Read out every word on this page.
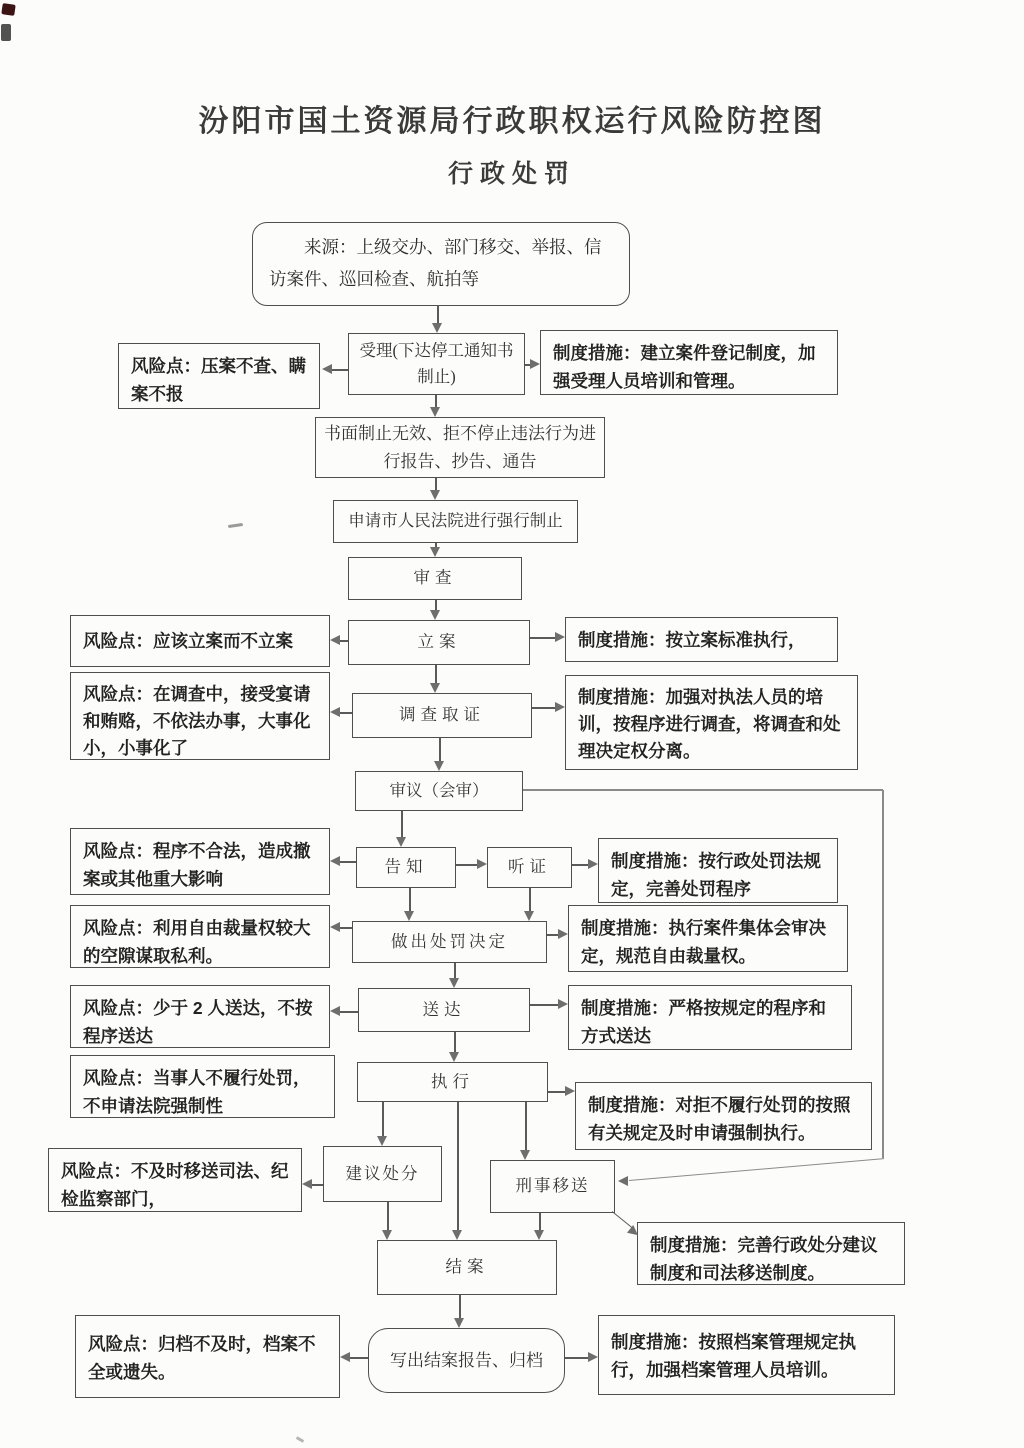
汾阳市国土资源局行政职权运行风险防控图
行政处罚
来源：上级交办、部门移交、举报、信访案件、巡回检查、航拍等
受理(下达停工通知书制止)
书面制止无效、拒不停止违法行为进行报告、抄告、通告
申请市人民法院进行强行制止
审查
立案
调查取证
审议（会审）
告知	听证
做出处罚决定
送达
执行
建议处分
刑事移送
结案
写出结案报告、归档
风险点：压案不查、瞒案不报
风险点：应该立案而不立案
风险点：在调查中，接受宴请和贿赂，不依法办事，大事化小，小事化了
风险点：程序不合法，造成撤案或其他重大影响
风险点：利用自由裁量权较大的空隙谋取私利。
风险点：少于 2 人送达，不按程序送达
风险点：当事人不履行处罚，不申请法院强制性
风险点：不及时移送司法、纪检监察部门，
风险点：归档不及时，档案不全或遗失。
制度措施：建立案件登记制度，加强受理人员培训和管理。
制度措施：按立案标准执行，
制度措施：加强对执法人员的培训，按程序进行调查，将调查和处理决定权分离。
制度措施：按行政处罚法规定，完善处罚程序
制度措施：执行案件集体会审决定，规范自由裁量权。
制度措施：严格按规定的程序和方式送达
制度措施：对拒不履行处罚的按照有关规定及时申请强制执行。
制度措施：完善行政处分建议制度和司法移送制度。
制度措施：按照档案管理规定执行，加强档案管理人员培训。
